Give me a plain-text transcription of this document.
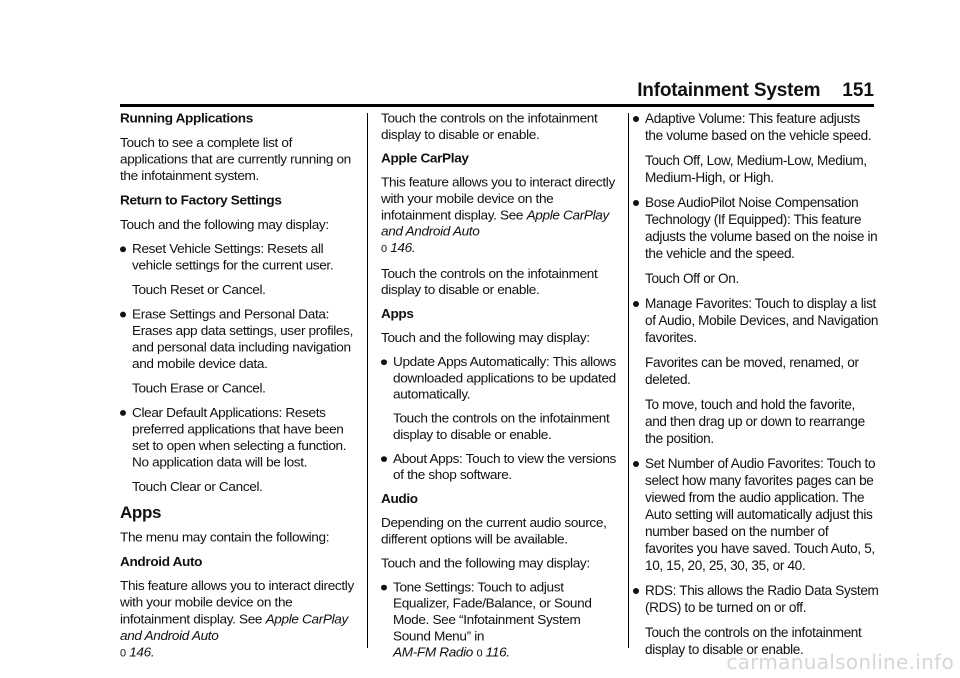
Infotainment System 151

Running Applications

Touch to see a complete list of applications that are currently running on the infotainment system.

Return to Factory Settings

Touch and the following may display:

Reset Vehicle Settings: Resets all vehicle settings for the current user.

Touch Reset or Cancel.

Erase Settings and Personal Data: Erases app data settings, user profiles, and personal data including navigation and mobile device data.

Touch Erase or Cancel.

Clear Default Applications: Resets preferred applications that have been set to open when selecting a function. No application data will be lost.

Touch Clear or Cancel.

Apps

The menu may contain the following:

Android Auto

This feature allows you to interact directly with your mobile device on the infotainment display. See Apple CarPlay and Android Auto
0 146.

Touch the controls on the infotainment display to disable or enable.

Apple CarPlay

This feature allows you to interact directly with your mobile device on the infotainment display. See Apple CarPlay and Android Auto
0 146.

Touch the controls on the infotainment display to disable or enable.

Apps

Touch and the following may display:

Update Apps Automatically: This allows downloaded applications to be updated automatically.

Touch the controls on the infotainment display to disable or enable.

About Apps: Touch to view the versions of the shop software.

Audio

Depending on the current audio source, different options will be available.

Touch and the following may display:

Tone Settings: Touch to adjust Equalizer, Fade/Balance, or Sound Mode. See “Infotainment System Sound Menu” in
AM-FM Radio 0 116.
Adaptive Volume: This feature adjusts the volume based on the vehicle speed.

Touch Off, Low, Medium-Low, Medium, Medium-High, or High.

Bose AudioPilot Noise Compensation Technology (If Equipped): This feature adjusts the volume based on the noise in the vehicle and the speed.

Touch Off or On.

Manage Favorites: Touch to display a list of Audio, Mobile Devices, and Navigation favorites.

Favorites can be moved, renamed, or deleted.

To move, touch and hold the favorite, and then drag up or down to rearrange the position.

Set Number of Audio Favorites: Touch to select how many favorites pages can be viewed from the audio application. The Auto setting will automatically adjust this number based on the number of favorites you have saved. Touch Auto, 5, 10, 15, 20, 25, 30, 35, or 40.
RDS: This allows the Radio Data System (RDS) to be turned on or off.

Touch the controls on the infotainment display to disable or enable.

carmanualsonline.info
